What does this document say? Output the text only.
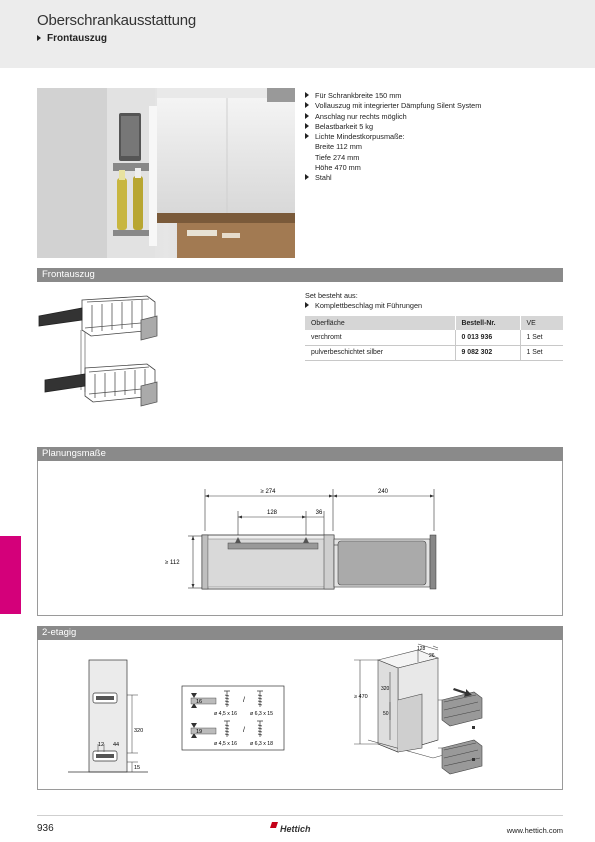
Oberschrankausstattung
Frontauszug
Für Schrankbreite 150 mm
Vollauszug mit integrierter Dämpfung Silent System
Anschlag nur rechts möglich
Belastbarkeit 5 kg
Lichte Mindestkorpusmaße:
Breite 112 mm
Tiefe 274 mm
Höhe 470 mm
Stahl
Frontauszug
Set besteht aus:
Komplettbeschlag mit Führungen
Oberfläche	Bestell-Nr.	VE
verchromt	0 013 936	1 Set
pulverbeschichtet silber	9 082 302	1 Set
Planungsmaße
≥ 274	240
128	36
≥ 112
2-etagig
320
15
12 44
16
19
/
/
ø 4,5 x 16 ø 6,3 x 15
ø 4,5 x 16 ø 6,3 x 18
128
26
≥ 470
320
50
936	Hettich	www.hettich.com
